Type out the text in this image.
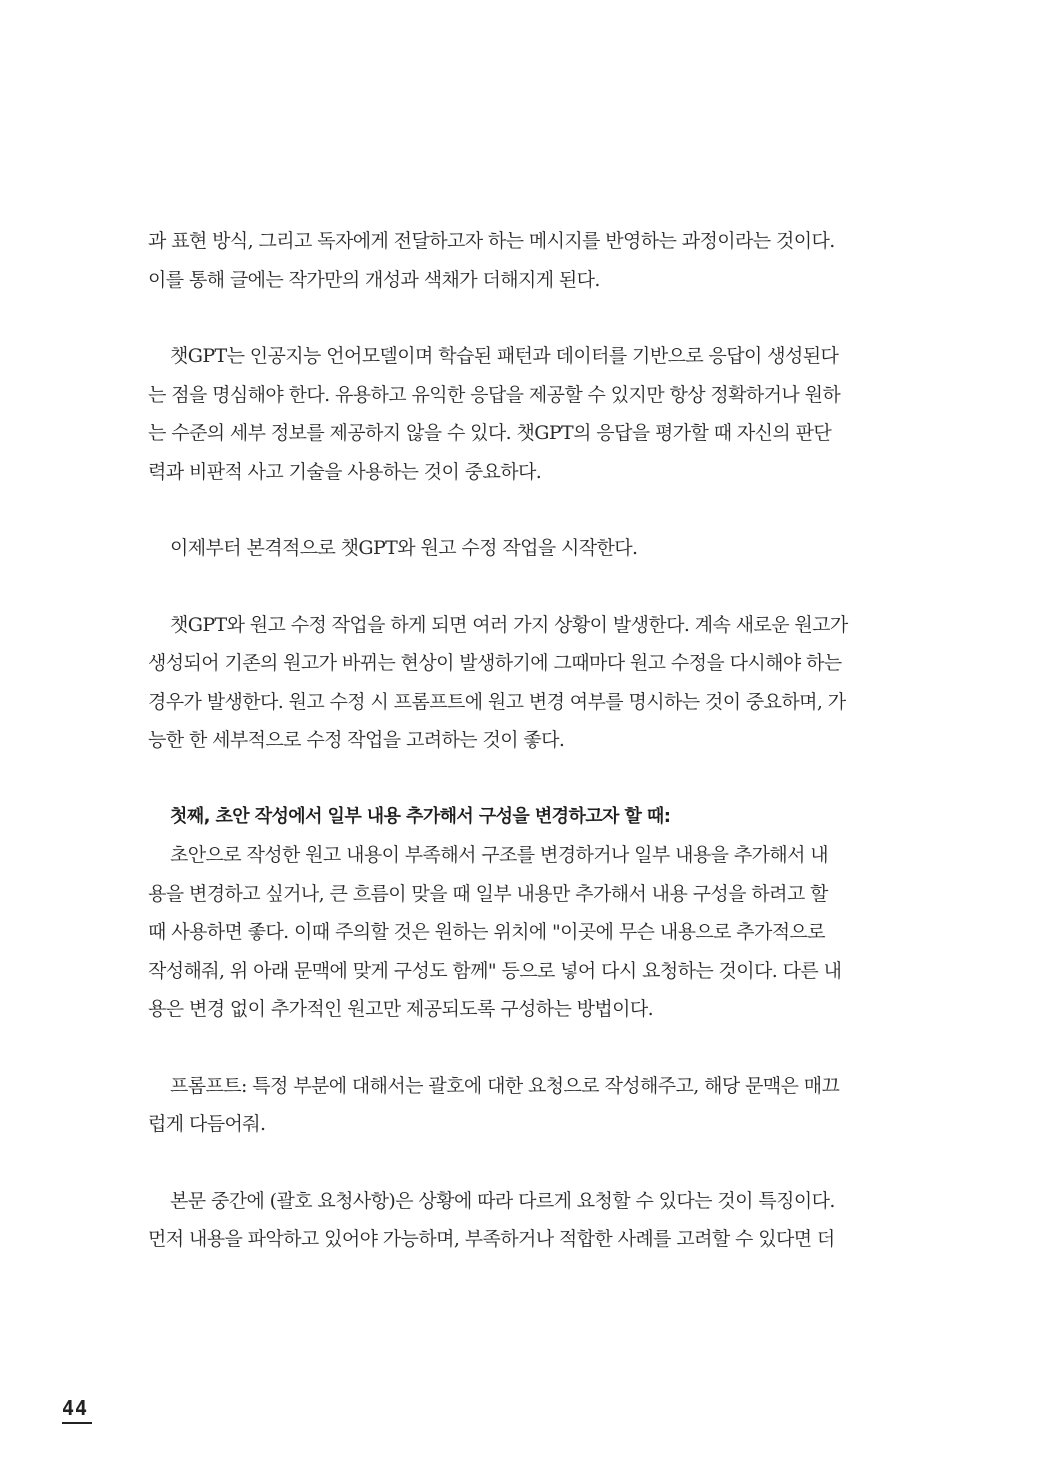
과 표현 방식, 그리고 독자에게 전달하고자 하는 메시지를 반영하는 과정이라는 것이다.
이를 통해 글에는 작가만의 개성과 색채가 더해지게 된다.

챗GPT는 인공지능 언어모델이며 학습된 패턴과 데이터를 기반으로 응답이 생성된다
는 점을 명심해야 한다. 유용하고 유익한 응답을 제공할 수 있지만 항상 정확하거나 원하
는 수준의 세부 정보를 제공하지 않을 수 있다. 챗GPT의 응답을 평가할 때 자신의 판단
력과 비판적 사고 기술을 사용하는 것이 중요하다.

이제부터 본격적으로 챗GPT와 원고 수정 작업을 시작한다.

챗GPT와 원고 수정 작업을 하게 되면 여러 가지 상황이 발생한다. 계속 새로운 원고가
생성되어 기존의 원고가 바뀌는 현상이 발생하기에 그때마다 원고 수정을 다시해야 하는
경우가 발생한다. 원고 수정 시 프롬프트에 원고 변경 여부를 명시하는 것이 중요하며, 가
능한 한 세부적으로 수정 작업을 고려하는 것이 좋다.

첫째, 초안 작성에서 일부 내용 추가해서 구성을 변경하고자 할 때:
초안으로 작성한 원고 내용이 부족해서 구조를 변경하거나 일부 내용을 추가해서 내
용을 변경하고 싶거나, 큰 흐름이 맞을 때 일부 내용만 추가해서 내용 구성을 하려고 할
때 사용하면 좋다. 이때 주의할 것은 원하는 위치에 "이곳에 무슨 내용으로 추가적으로
작성해줘, 위 아래 문맥에 맞게 구성도 함께" 등으로 넣어 다시 요청하는 것이다. 다른 내
용은 변경 없이 추가적인 원고만 제공되도록 구성하는 방법이다.

프롬프트: 특정 부분에 대해서는 괄호에 대한 요청으로 작성해주고, 해당 문맥은 매끄
럽게 다듬어줘.

본문 중간에 (괄호 요청사항)은 상황에 따라 다르게 요청할 수 있다는 것이 특징이다.
먼저 내용을 파악하고 있어야 가능하며, 부족하거나 적합한 사례를 고려할 수 있다면 더

44
